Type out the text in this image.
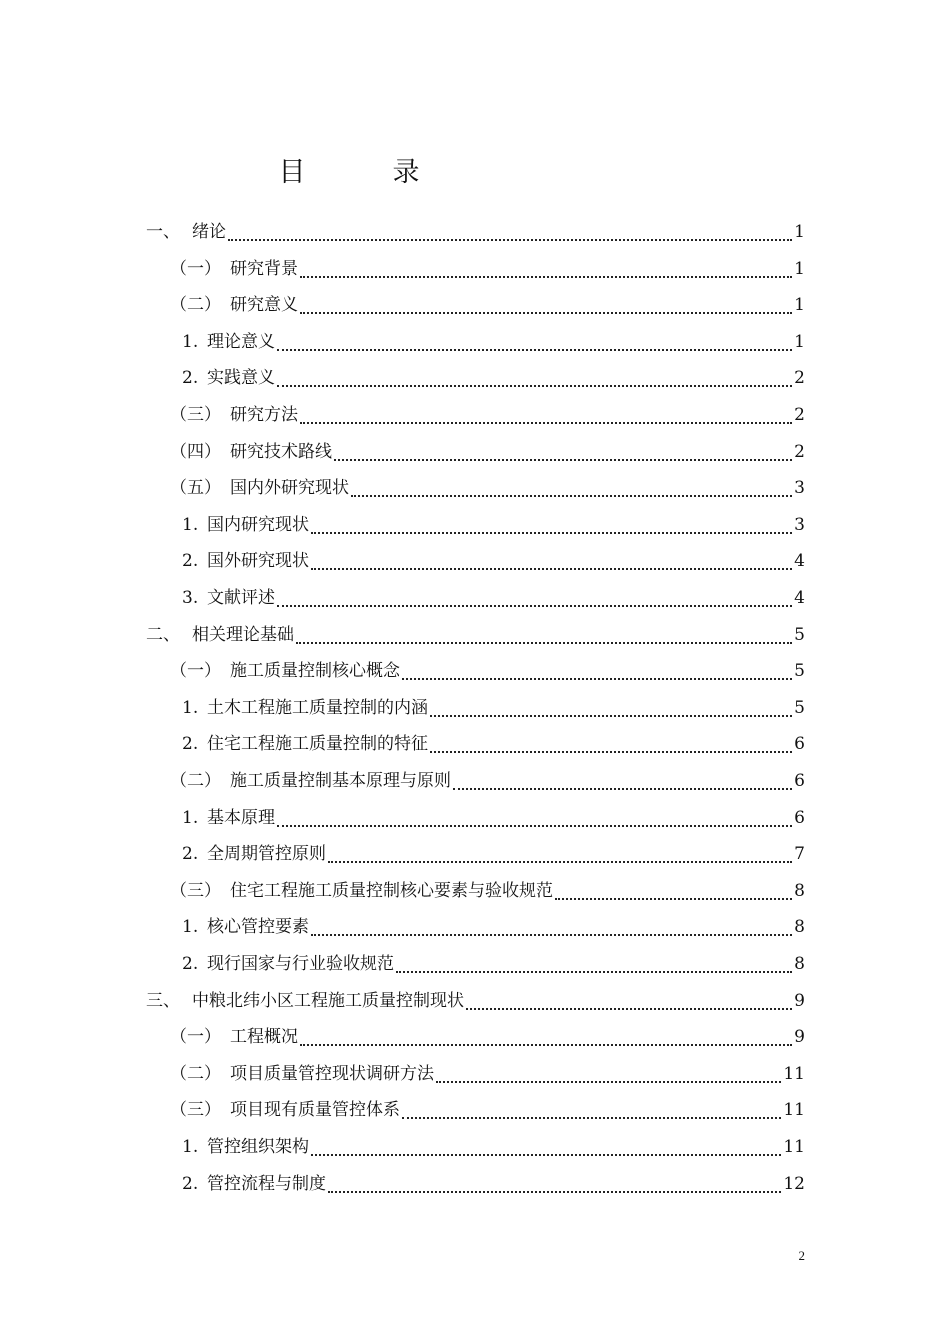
目　录
一、 绪论	1
（一） 研究背景	1
（二） 研究意义	1
1. 理论意义	1
2. 实践意义	2
（三） 研究方法	2
（四） 研究技术路线	2
（五） 国内外研究现状	3
1. 国内研究现状	3
2. 国外研究现状	4
3. 文献评述	4
二、 相关理论基础	5
（一） 施工质量控制核心概念	5
1. 土木工程施工质量控制的内涵	5
2. 住宅工程施工质量控制的特征	6
（二） 施工质量控制基本原理与原则	6
1. 基本原理	6
2. 全周期管控原则	7
（三） 住宅工程施工质量控制核心要素与验收规范	8
1. 核心管控要素	8
2. 现行国家与行业验收规范	8
三、 中粮北纬小区工程施工质量控制现状	9
（一） 工程概况	9
（二） 项目质量管控现状调研方法	11
（三） 项目现有质量管控体系	11
1. 管控组织架构	11
2. 管控流程与制度	12
2
